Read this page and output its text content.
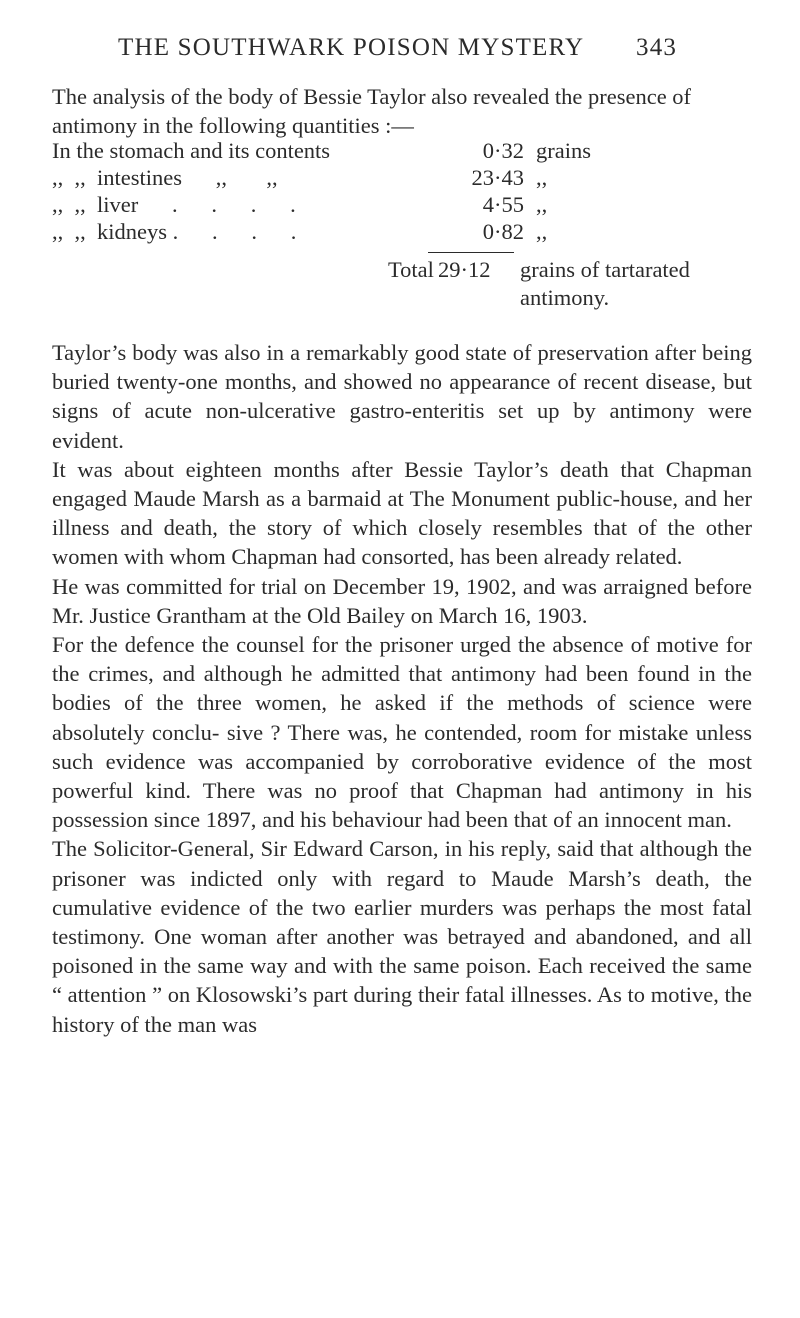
THE SOUTHWARK POISON MYSTERY 343
The analysis of the body of Bessie Taylor also revealed the presence of antimony in the following quantities :—
In the stomach and its contents	0·32	grains
,,  ,,  intestines      ,,       ,,	23·43	,,
,,  ,,  liver      .      .      .      .	4·55	,,
,,  ,,  kidneys .      .      .      .	0·82	,,
Total 29·12 grains of tartarated antimony.

Taylor’s body was also in a remarkably good state of preservation after being buried twenty-one months, and showed no appearance of recent disease, but signs of acute non-ulcerative gastro-enteritis set up by antimony were evident.

It was about eighteen months after Bessie Taylor’s death that Chapman engaged Maude Marsh as a barmaid at The Monument public-house, and her illness and death, the story of which closely resembles that of the other women with whom Chapman had consorted, has been already related.

He was committed for trial on December 19, 1902, and was arraigned before Mr. Justice Grantham at the Old Bailey on March 16, 1903.

For the defence the counsel for the prisoner urged the absence of motive for the crimes, and although he admitted that antimony had been found in the bodies of the three women, he asked if the methods of science were absolutely conclu- sive ? There was, he contended, room for mistake unless such evidence was accompanied by corroborative evidence of the most powerful kind. There was no proof that Chapman had antimony in his possession since 1897, and his behaviour had been that of an innocent man.

The Solicitor-General, Sir Edward Carson, in his reply, said that although the prisoner was indicted only with regard to Maude Marsh’s death, the cumulative evidence of the two earlier murders was perhaps the most fatal testimony. One woman after another was betrayed and abandoned, and all poisoned in the same way and with the same poison. Each received the same “ attention ” on Klosowski’s part during their fatal illnesses. As to motive, the history of the man was
